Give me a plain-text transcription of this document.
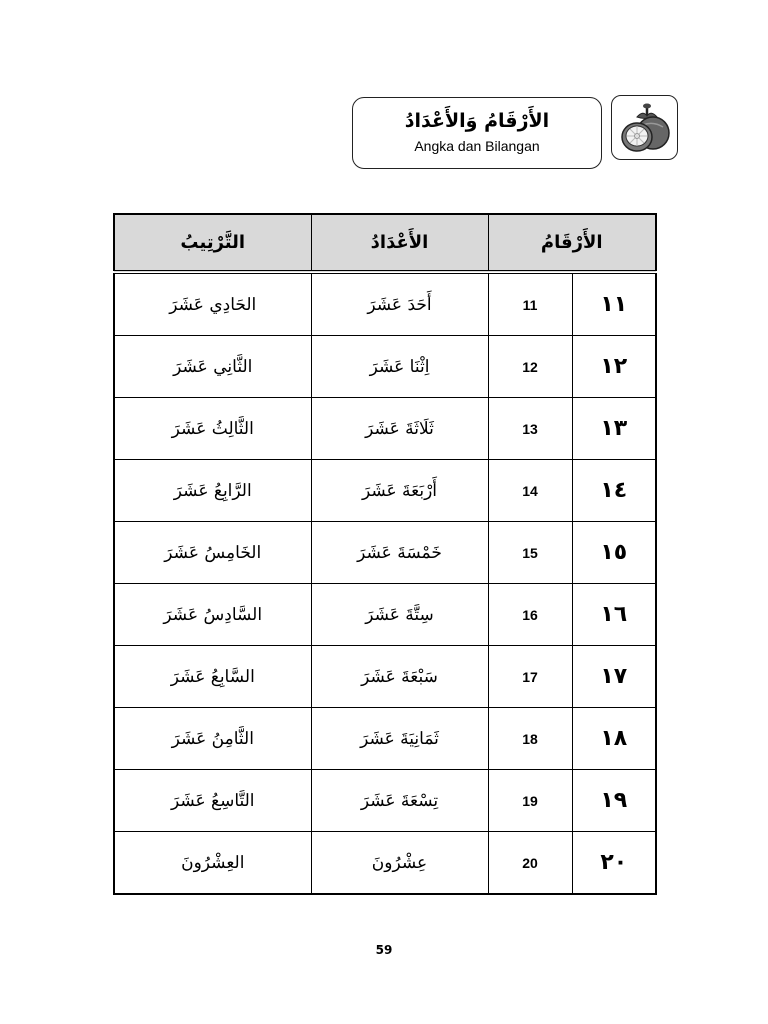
الأَرْقَامُ وَالأَعْدَادُ
Angka dan Bilangan
التَّرْتِيبُ	الأَعْدَادُ	الأَرْقَامُ	
الحَادِي عَشَرَ	أَحَدَ عَشَرَ	11	١١
الثَّانِي عَشَرَ	اِثْنَا عَشَرَ	12	١٢
الثَّالِثُ عَشَرَ	ثَلَاثَةَ عَشَرَ	13	١٣
الرَّابِعُ عَشَرَ	أَرْبَعَةَ عَشَرَ	14	١٤
الخَامِسُ عَشَرَ	خَمْسَةَ عَشَرَ	15	١٥
السَّادِسُ عَشَرَ	سِتَّةَ عَشَرَ	16	١٦
السَّابِعُ عَشَرَ	سَبْعَةَ عَشَرَ	17	١٧
الثَّامِنُ عَشَرَ	ثَمَانِيَةَ عَشَرَ	18	١٨
التَّاسِعُ عَشَرَ	تِسْعَةَ عَشَرَ	19	١٩
العِشْرُونَ	عِشْرُونَ	20	٢٠
59
